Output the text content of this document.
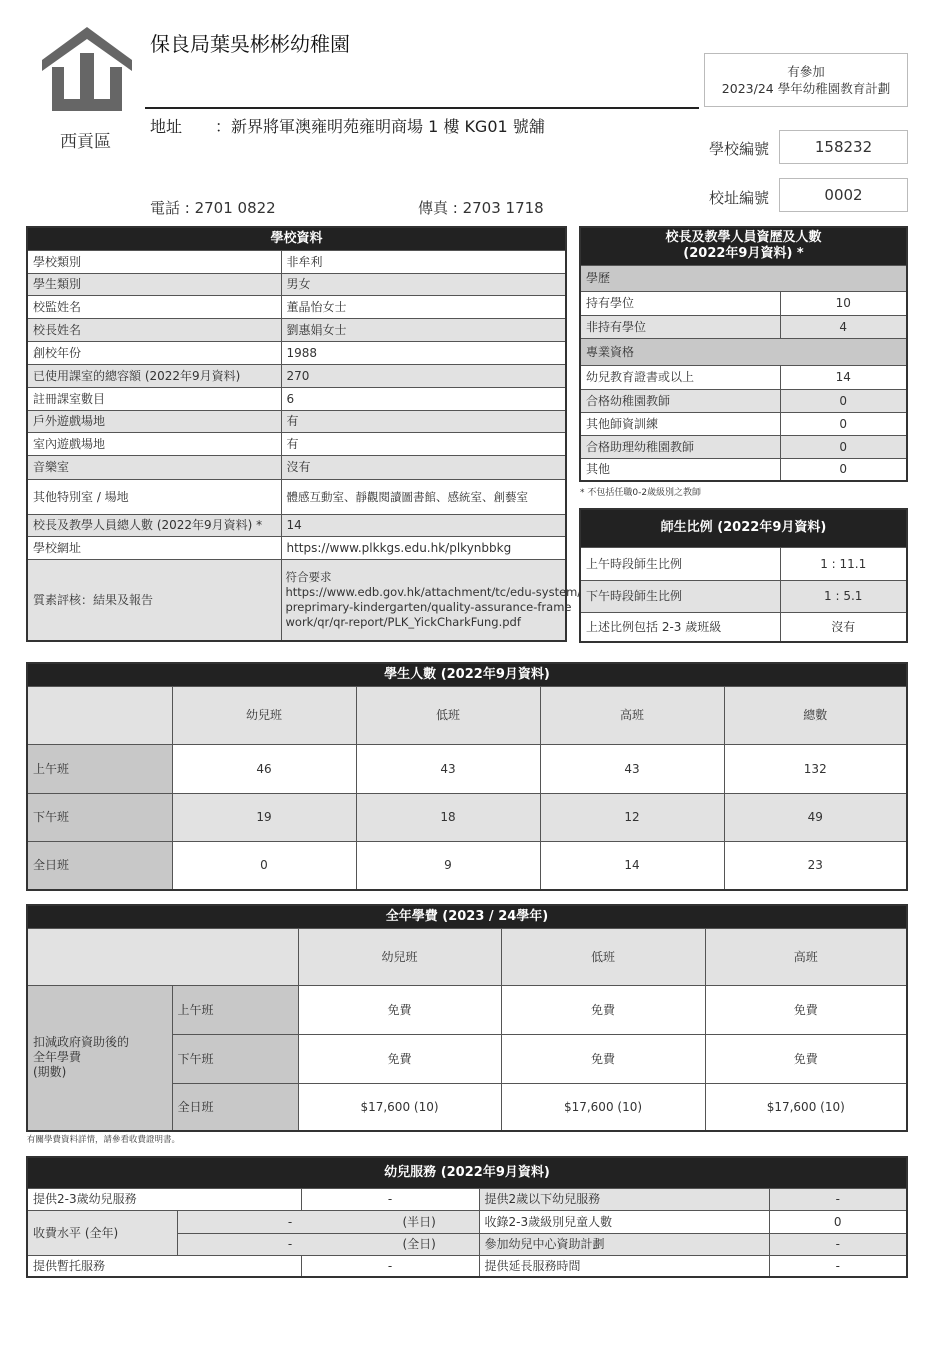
西貢區
保良局葉吳彬彬幼稚園
地址 ：新界將軍澳雍明苑雍明商場 1 樓 KG01 號舖
電話 : 2701 0822	傳真 : 2703 1718
有參加
2023/24 學年幼稚園教育計劃
學校編號	158232
校址編號	0002
學校資料	
學校類別	非牟利
學生類別	男女
校監姓名	董晶怡女士
校長姓名	劉惠娟女士
創校年份	1988
已使用課室的總容額 (2022年9月資料)	270
註冊課室數目	6
戶外遊戲場地	有
室內遊戲場地	有
音樂室	沒有
其他特別室 / 場地	體感互動室、靜觀閱讀圖書館、感統室、創藝室
校長及教學人員總人數 (2022年9月資料) *	14
學校網址	https://www.plkkgs.edu.hk/plkynbbkg
質素評核：結果及報告	符合要求
https://www.edb.gov.hk/attachment/tc/edu-system/
preprimary-kindergarten/quality-assurance-frame
work/qr/qr-report/PLK_YickCharkFung.pdf
校長及教學人員資歷及人數
(2022年9月資料) *	

學歷	
持有學位	10
非持有學位	4
專業資格	
幼兒教育證書或以上	14
合格幼稚園教師	0
其他師資訓練	0
合格助理幼稚園教師	0
其他	0
* 不包括任職0-2歲級別之教師
師生比例 (2022年9月資料)	
上午時段師生比例	1 : 11.1
下午時段師生比例	1 : 5.1
上述比例包括 2-3 歲班級	沒有
學生人數 (2022年9月資料)				
	幼兒班	低班	高班	總數
上午班	46	43	43	132
下午班	19	18	12	49
全日班	0	9	14	23
全年學費 (2023 / 24學年)				
		幼兒班	低班	高班

扣減政府資助後的
全年學費
(期數)	上午班	免費	免費	免費
	下午班	免費	免費	免費
	全日班	$17,600 (10)	$17,600 (10)	$17,600 (10)
有關學費資料詳情，請參看收費證明書。
幼兒服務 (2022年9月資料)				
提供2-3歲幼兒服務		-	提供2歲以下幼兒服務	-
收費水平 (全年)	- (半日)		收錄2-3歲級別兒童人數	0

	- (全日)		參加幼兒中心資助計劃	-
提供暫托服務		-	提供延長服務時間	-
